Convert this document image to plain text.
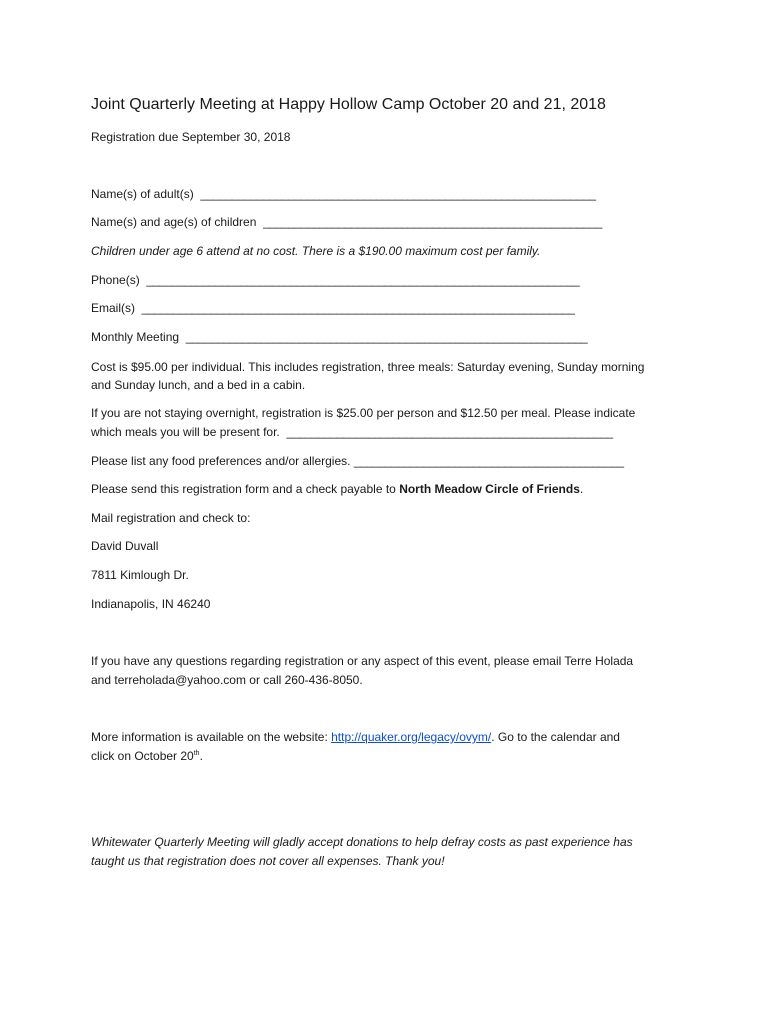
Joint Quarterly Meeting at Happy Hollow Camp October 20 and 21, 2018

Registration due September 30, 2018

Name(s) of adult(s) _______________________________________________________________

Name(s) and age(s) of children ______________________________________________________

Children under age 6 attend at no cost. There is a $190.00 maximum cost per family.

Phone(s) _____________________________________________________________________

Email(s) _____________________________________________________________________

Monthly Meeting ________________________________________________________________

Cost is $95.00 per individual. This includes registration, three meals: Saturday evening, Sunday morning

and Sunday lunch, and a bed in a cabin.

If you are not staying overnight, registration is $25.00 per person and $12.50 per meal. Please indicate

which meals you will be present for. ____________________________________________________

Please list any food preferences and/or allergies. ___________________________________________

Please send this registration form and a check payable to North Meadow Circle of Friends.

Mail registration and check to:

David Duvall

7811 Kimlough Dr.

Indianapolis, IN 46240

If you have any questions regarding registration or any aspect of this event, please email Terre Holada

and terreholada@yahoo.com or call 260-436-8050.

More information is available on the website: http://quaker.org/legacy/ovym/. Go to the calendar and

click on October 20th.

Whitewater Quarterly Meeting will gladly accept donations to help defray costs as past experience has

taught us that registration does not cover all expenses. Thank you!
